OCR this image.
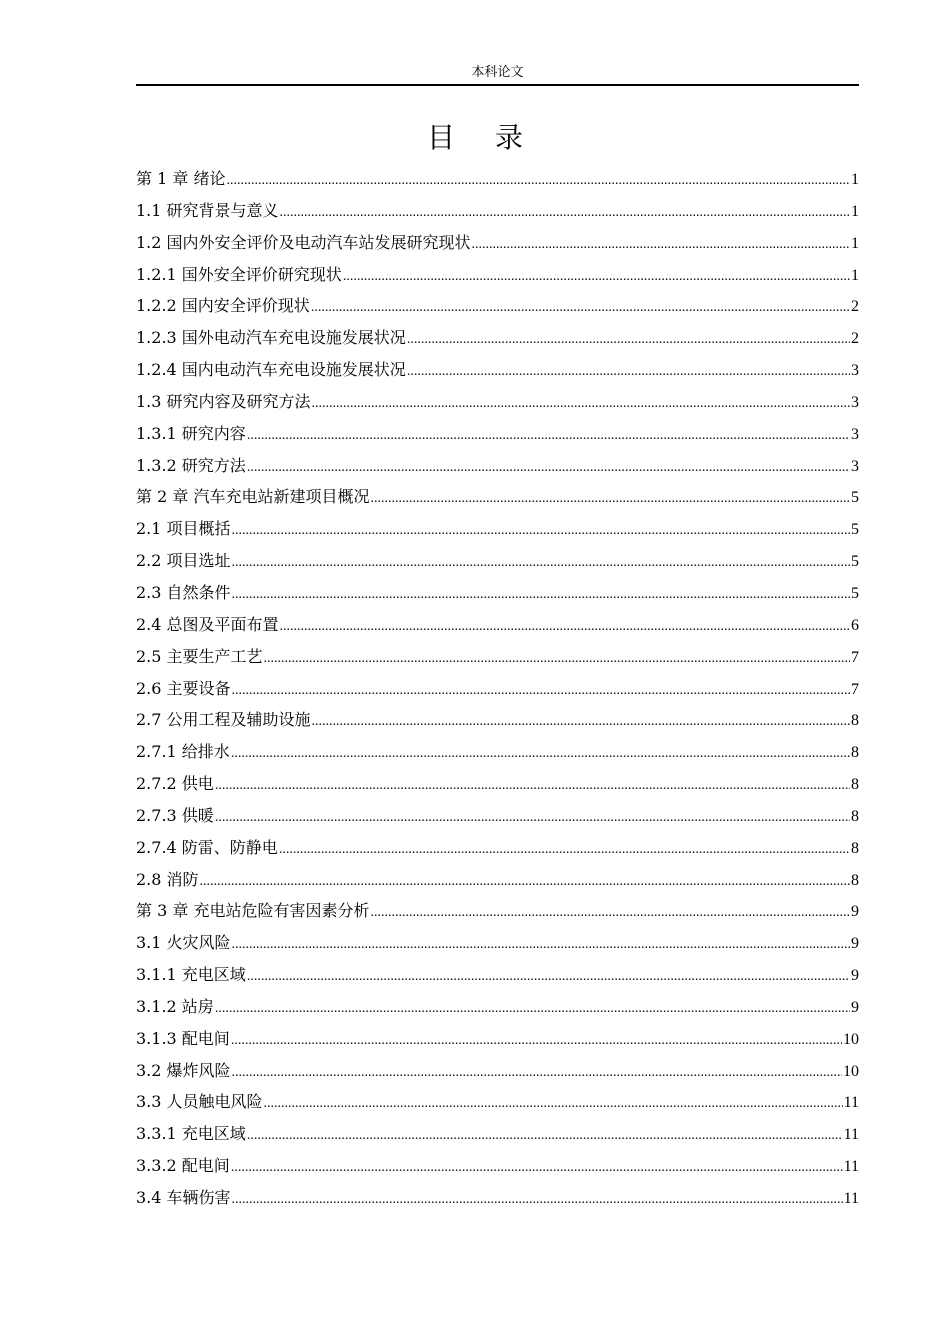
本科论文
目录
第 1 章 绪论 .....	1
1.1 研究背景与意义 .....	1
1.2 国内外安全评价及电动汽车站发展研究现状 .....	1
1.2.1 国外安全评价研究现状 .....	1
1.2.2 国内安全评价现状 .....	2
1.2.3 国外电动汽车充电设施发展状况 .....	2
1.2.4 国内电动汽车充电设施发展状况 .....	3
1.3 研究内容及研究方法 .....	3
1.3.1 研究内容 .....	3
1.3.2 研究方法 .....	3
第 2 章 汽车充电站新建项目概况 .....	5
2.1 项目概括 .....	5
2.2 项目选址 .....	5
2.3 自然条件 .....	5
2.4 总图及平面布置 .....	6
2.5 主要生产工艺 .....	7
2.6 主要设备 .....	7
2.7 公用工程及辅助设施 .....	8
2.7.1 给排水 .....	8
2.7.2 供电 .....	8
2.7.3 供暖 .....	8
2.7.4 防雷、防静电 .....	8
2.8 消防 .....	8
第 3 章 充电站危险有害因素分析 .....	9
3.1 火灾风险 .....	9
3.1.1 充电区域 .....	9
3.1.2 站房 .....	9
3.1.3 配电间 .....	10
3.2 爆炸风险 .....	10
3.3 人员触电风险 .....	11
3.3.1 充电区域 .....	11
3.3.2 配电间 .....	11
3.4 车辆伤害 .....	11
